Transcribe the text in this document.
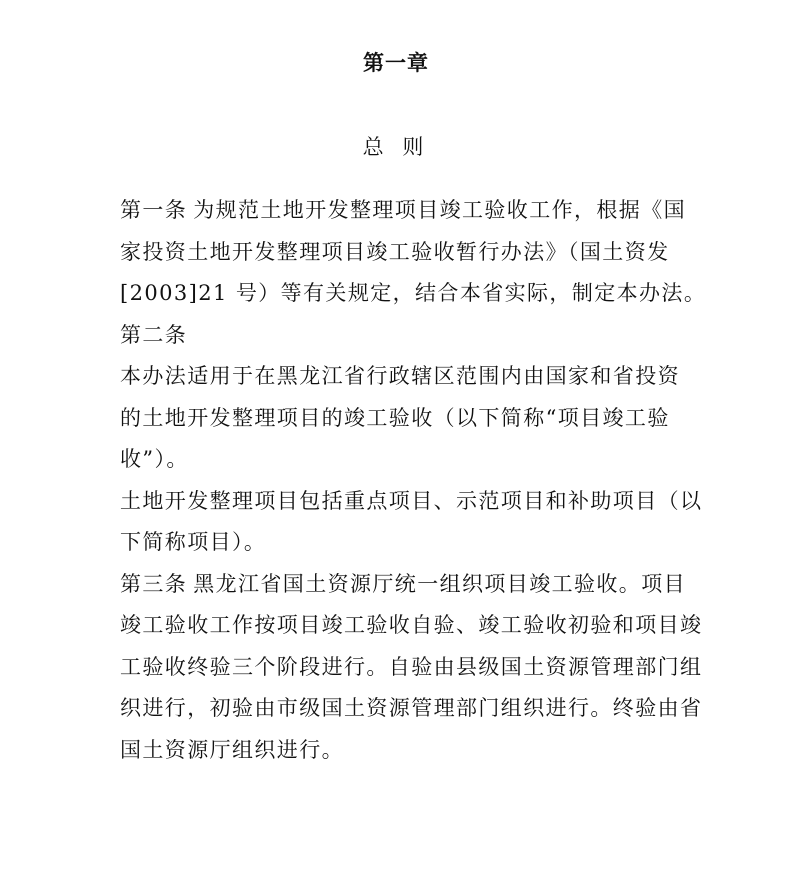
第一章
总 则
第一条 为规范土地开发整理项目竣工验收工作，根据《国
家投资土地开发整理项目竣工验收暂行办法》（国土资发
[2003]21 号）等有关规定，结合本省实际，制定本办法。
第二条
本办法适用于在黑龙江省行政辖区范围内由国家和省投资
的土地开发整理项目的竣工验收（以下简称“项目竣工验
收”）。
土地开发整理项目包括重点项目、示范项目和补助项目（以
下简称项目）。
第三条 黑龙江省国土资源厅统一组织项目竣工验收。项目
竣工验收工作按项目竣工验收自验、竣工验收初验和项目竣
工验收终验三个阶段进行。自验由县级国土资源管理部门组
织进行，初验由市级国土资源管理部门组织进行。终验由省
国土资源厅组织进行。
